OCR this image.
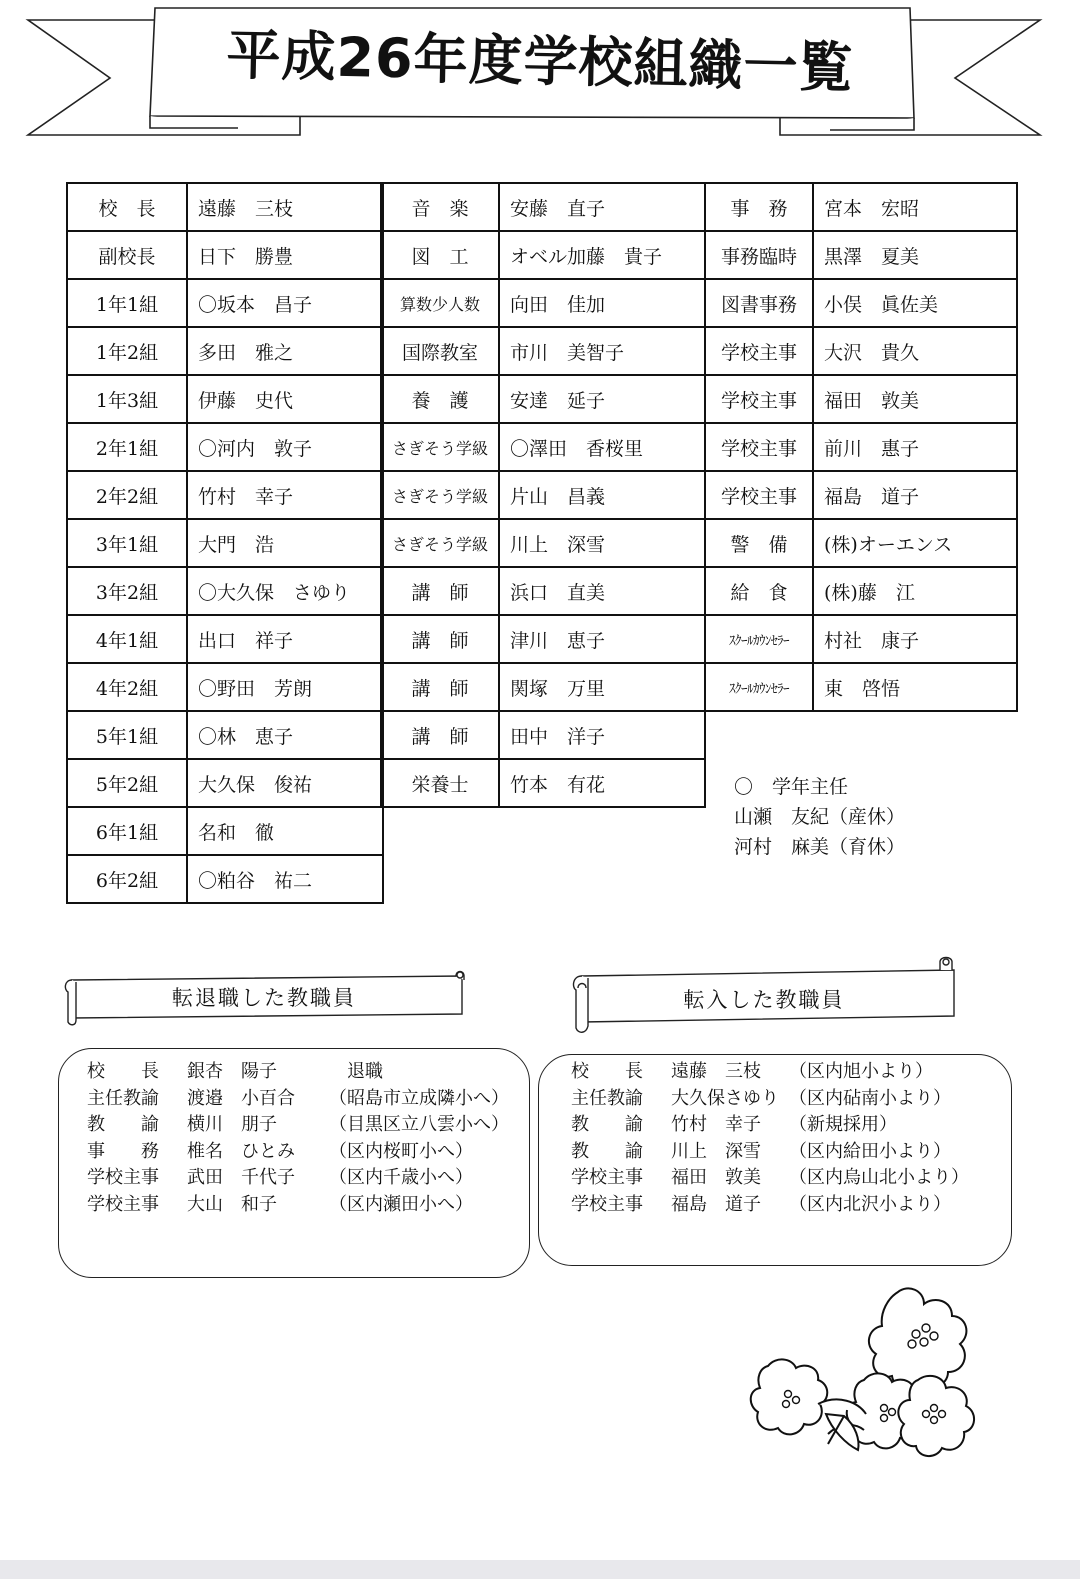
平成26年度学校組織一覧
校　長	遠藤　三枝
副校長	日下　勝豊
1年1組	〇坂本　昌子
1年2組	多田　雅之
1年3組	伊藤　史代
2年1組	〇河内　敦子
2年2組	竹村　幸子
3年1組	大門　浩
3年2組	〇大久保　さゆり
4年1組	出口　祥子
4年2組	〇野田　芳朗
5年1組	〇林　恵子
5年2組	大久保　俊祐
6年1組	名和　徹
6年2組	〇粕谷　祐二
音　楽	安藤　直子
図　工	オベル加藤　貴子
算数少人数	向田　佳加
国際教室	市川　美智子
養　護	安達　延子
さぎそう学級	〇澤田　香桜里
さぎそう学級	片山　昌義
さぎそう学級	川上　深雪
講　師	浜口　直美
講　師	津川　恵子
講　師	関塚　万里
講　師	田中　洋子
栄養士	竹本　有花
事　務	宮本　宏昭
事務臨時	黒澤　夏美
図書事務	小俣　眞佐美
学校主事	大沢　貴久
学校主事	福田　敦美
学校主事	前川　惠子
学校主事	福島　道子
警　備	(株)オーエンス
給　食	(株)藤　江
ｽｸｰﾙｶｳﾝｾﾗｰ	村社　康子
ｽｸｰﾙｶｳﾝｾﾗｰ	東　啓悟
〇　学年主任
山瀬　友紀（産休）
河村　麻美（育休）
転退職した教職員	転入した教職員
校　　長 銀杏　陽子	　退職
主任教諭 渡邉　小百合 （昭島市立成隣小へ）
教　　諭 横川　朋子	（目黒区立八雲小へ）
事　　務 椎名　ひとみ （区内桜町小へ）
学校主事 武田　千代子 （区内千歳小へ）
学校主事 大山　和子	（区内瀬田小へ）
校　　長 遠藤　三枝 （区内旭小より）
主任教諭 大久保さゆり （区内砧南小より）
教　　諭 竹村　幸子 （新規採用）
教　　諭 川上　深雪 （区内給田小より）
学校主事 福田　敦美 （区内烏山北小より）
学校主事 福島　道子 （区内北沢小より）
